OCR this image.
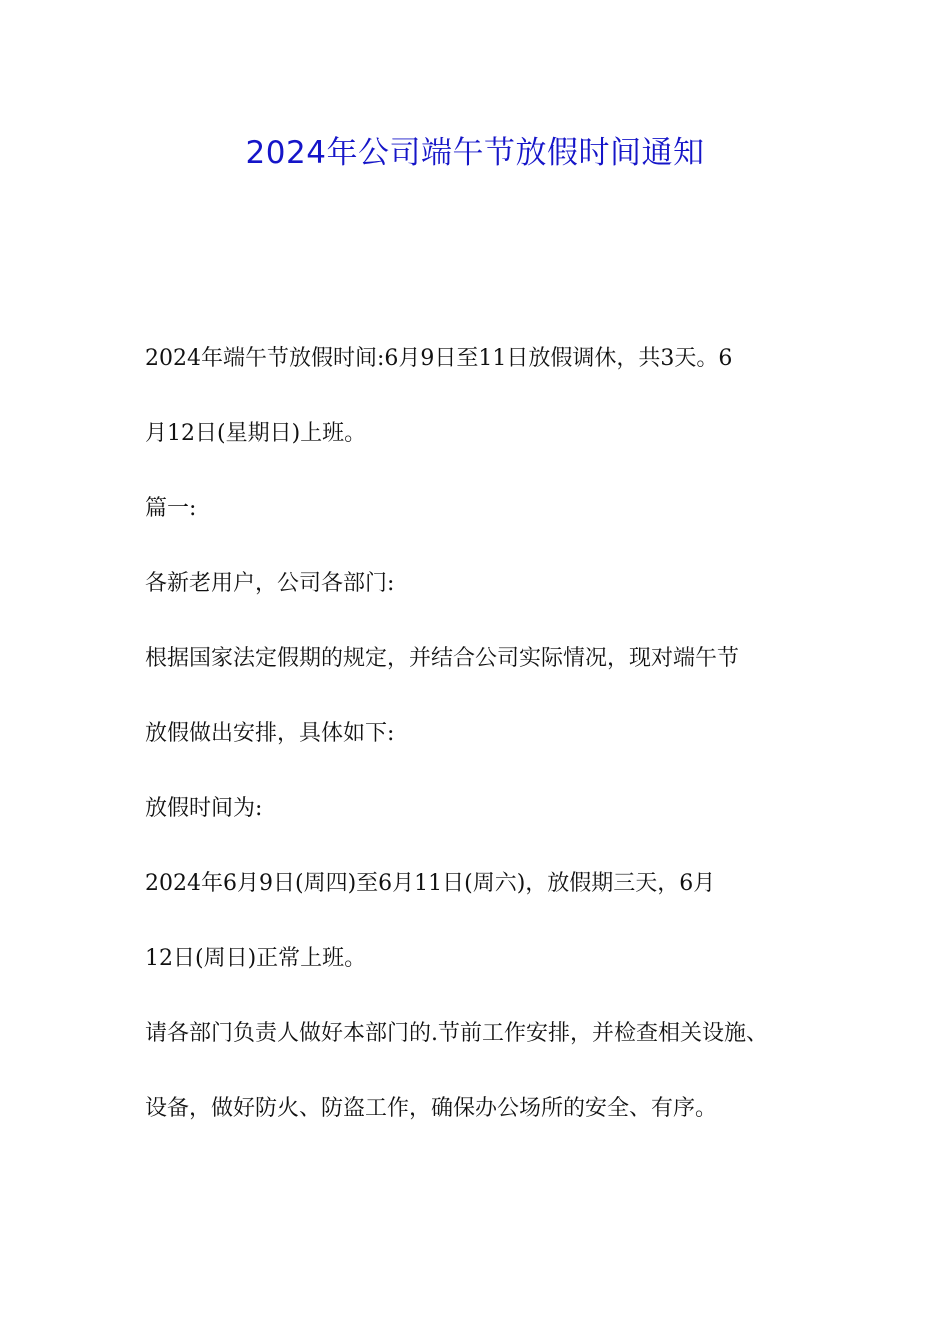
2024年公司端午节放假时间通知

2024年端午节放假时间:6月9日至11日放假调休，共3天。6

月12日(星期日)上班。

篇一:

各新老用户，公司各部门:

根据国家法定假期的规定，并结合公司实际情况，现对端午节

放假做出安排，具体如下:

放假时间为:

2024年6月9日(周四)至6月11日(周六)，放假期三天，6月

12日(周日)正常上班。

请各部门负责人做好本部门的.节前工作安排，并检查相关设施、

设备，做好防火、防盗工作，确保办公场所的安全、有序。
